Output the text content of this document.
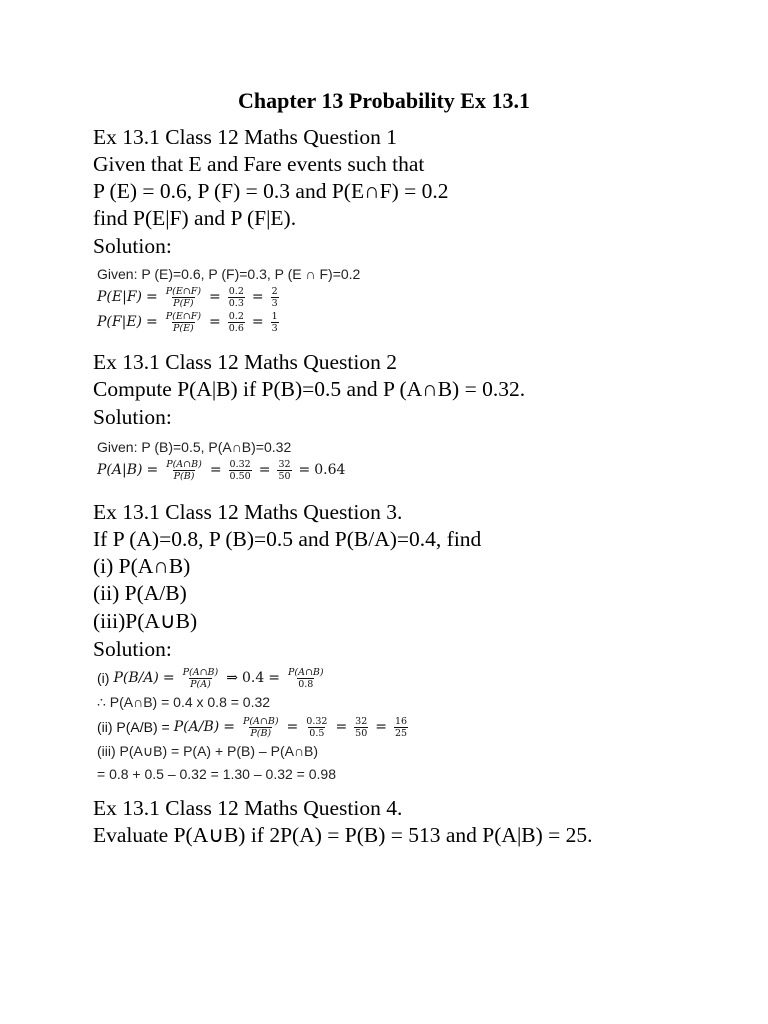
Chapter 13 Probability Ex 13.1
Ex 13.1 Class 12 Maths Question 1
Given that E and Fare events such that
P (E) = 0.6, P (F) = 0.3 and P(E∩F) = 0.2
find P(E|F) and P (F|E).
Solution:
Given: P (E)=0.6, P (F)=0.3, P (E ∩ F)=0.2
$P(E|F) = \frac{P(E\cap F)}{P(F)} = \frac{0.2}{0.3} = \frac{2}{3}$
$P(F|E) = \frac{P(E\cap F)}{P(E)} = \frac{0.2}{0.6} = \frac{1}{3}$
Ex 13.1 Class 12 Maths Question 2
Compute P(A|B) if P(B)=0.5 and P (A∩B) = 0.32.
Solution:
Given: P (B)=0.5, P(A∩B)=0.32
$P(A|B) = \frac{P(A\cap B)}{P(B)} = \frac{0.32}{0.50} = \frac{32}{50} = 0.64$
Ex 13.1 Class 12 Maths Question 3.
If P (A)=0.8, P (B)=0.5 and P(B/A)=0.4, find
(i) P(A∩B)
(ii) P(A/B)
(iii)P(A∪B)
Solution:
(i) $P(B/A) = \frac{P(A\cap B)}{P(A)}$ ⇒ $0.4 = \frac{P(A\cap B)}{0.8}$
∴ P(A∩B) = 0.4 x 0.8 = 0.32
(ii) $P(A/B) = P(A/B) = \frac{P(A\cap B)}{P(B)} = \frac{0.32}{0.5} = \frac{32}{50} = \frac{16}{25}$
(iii) P(A∪B) = P(A) + P(B) – P(A∩B)
= 0.8 + 0.5 – 0.32 = 1.30 – 0.32 = 0.98
Ex 13.1 Class 12 Maths Question 4.
Evaluate P(A∪B) if 2P(A) = P(B) = 513 and P(A|B) = 25.
